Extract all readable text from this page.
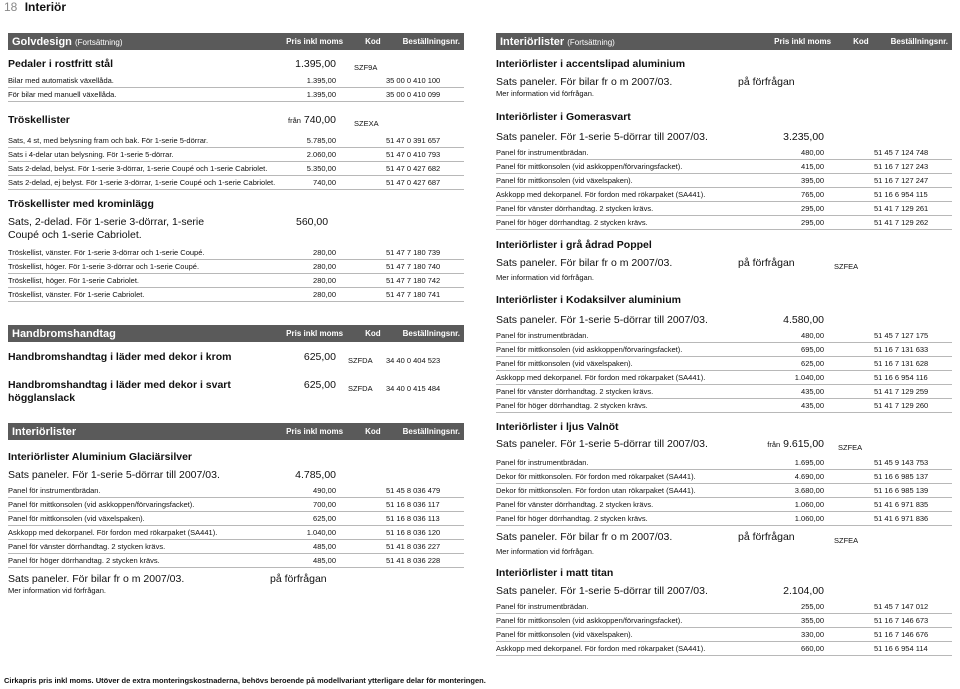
18 Interiör
Golvdesign (Fortsättning)	Pris inkl moms	Kod	Beställningsnr.
Pedaler i rostfritt stål	1.395,00	SZF9A
Bilar med automatisk växellåda.	1.395,00	35 00 0 410 100
För bilar med manuell växellåda.	1.395,00	35 00 0 410 099
Tröskellister	från 740,00	SZEXA
Sats, 4 st, med belysning fram och bak. För 1-serie 5-dörrar.	5.785,00	51 47 0 391 657
Sats i 4-delar utan belysning. För 1-serie 5-dörrar.	2.060,00	51 47 0 410 793
Sats 2-delad, belyst. För 1-serie 3-dörrar, 1-serie Coupé och 1-serie Cabriolet.	5.350,00	51 47 0 427 682
Sats 2-delad, ej belyst. För 1-serie 3-dörrar, 1-serie Coupé och 1-serie Cabriolet.	740,00	51 47 0 427 687
Tröskellister med krominlägg
Sats, 2-delad. För 1-serie 3-dörrar, 1-serie Coupé och 1-serie Cabriolet.
560,00
Tröskellist, vänster. För 1-serie 3-dörrar och 1-serie Coupé.	280,00	51 47 7 180 739
Tröskellist, höger. För 1-serie 3-dörrar och 1-serie Coupé.	280,00	51 47 7 180 740
Tröskellist, höger. För 1-serie Cabriolet.	280,00	51 47 7 180 742
Tröskellist, vänster. För 1-serie Cabriolet.	280,00	51 47 7 180 741
Handbromshandtag	Pris inkl moms	Kod	Beställningsnr.
Handbromshandtag i läder med dekor i krom	625,00	SZFDA	34 40 0 404 523
Handbromshandtag i läder med dekor i svart högglanslack
625,00	SZFDA	34 40 0 415 484
Interiörlister	Pris inkl moms	Kod	Beställningsnr.
Interiörlister Aluminium Glaciärsilver
Sats paneler. För 1-serie 5-dörrar till 2007/03.	4.785,00
Panel för instrumentbrädan.	490,00	51 45 8 036 479
Panel för mittkonsolen (vid askkoppen/förvaringsfacket).	700,00	51 16 8 036 117
Panel för mittkonsolen (vid växelspaken).	625,00	51 16 8 036 113
Askkopp med dekorpanel. För fordon med rökarpaket (SA441).	1.040,00	51 16 8 036 120
Panel för vänster dörrhandtag. 2 stycken krävs.	485,00	51 41 8 036 227
Panel för höger dörrhandtag. 2 stycken krävs.	485,00	51 41 8 036 228
Sats paneler. För bilar fr o m 2007/03.	på förfrågan
Mer information vid förfrågan.
Interiörlister (Fortsättning)	Pris inkl moms	Kod	Beställningsnr.
Interiörlister i accentslipad aluminium
Sats paneler. För bilar fr o m 2007/03.	på förfrågan
Mer information vid förfrågan.
Interiörlister i Gomerasvart
Sats paneler. För 1-serie 5-dörrar till 2007/03.	3.235,00
Panel för instrumentbrädan.	480,00	51 45 7 124 748
Panel för mittkonsolen (vid askkoppen/förvaringsfacket).	415,00	51 16 7 127 243
Panel för mittkonsolen (vid växelspaken).	395,00	51 16 7 127 247
Askkopp med dekorpanel. För fordon med rökarpaket (SA441).	765,00	51 16 6 954 115
Panel för vänster dörrhandtag. 2 stycken krävs.	295,00	51 41 7 129 261
Panel för höger dörrhandtag. 2 stycken krävs.	295,00	51 41 7 129 262
Interiörlister i grå ådrad Poppel
Sats paneler. För bilar fr o m 2007/03.	på förfrågan	SZFEA
Mer information vid förfrågan.
Interiörlister i Kodaksilver aluminium
Sats paneler. För 1-serie 5-dörrar till 2007/03.	4.580,00
Panel för instrumentbrädan.	480,00	51 45 7 127 175
Panel för mittkonsolen (vid askkoppen/förvaringsfacket).	695,00	51 16 7 131 633
Panel för mittkonsolen (vid växelspaken).	625,00	51 16 7 131 628
Askkopp med dekorpanel. För fordon med rökarpaket (SA441).	1.040,00	51 16 6 954 116
Panel för vänster dörrhandtag. 2 stycken krävs.	435,00	51 41 7 129 259
Panel för höger dörrhandtag. 2 stycken krävs.	435,00	51 41 7 129 260
Interiörlister i ljus Valnöt
Sats paneler. För 1-serie 5-dörrar till 2007/03.	från 9.615,00	SZFEA
Panel för instrumentbrädan.	1.695,00	51 45 9 143 753
Dekor för mittkonsolen. För fordon med rökarpaket (SA441).	4.690,00	51 16 6 985 137
Dekor för mittkonsolen. För fordon utan rökarpaket (SA441).	3.680,00	51 16 6 985 139
Panel för vänster dörrhandtag. 2 stycken krävs.	1.060,00	51 41 6 971 835
Panel för höger dörrhandtag. 2 stycken krävs.	1.060,00	51 41 6 971 836
Sats paneler. För bilar fr o m 2007/03.	på förfrågan	SZFEA
Mer information vid förfrågan.
Interiörlister i matt titan
Sats paneler. För 1-serie 5-dörrar till 2007/03.	2.104,00
Panel för instrumentbrädan.	255,00	51 45 7 147 012
Panel för mittkonsolen (vid askkoppen/förvaringsfacket).	355,00	51 16 7 146 673
Panel för mittkonsolen (vid växelspaken).	330,00	51 16 7 146 676
Askkopp med dekorpanel. För fordon med rökarpaket (SA441).	660,00	51 16 6 954 114
Cirkapris pris inkl moms. Utöver de extra monteringskostnaderna, behövs beroende på modellvariant ytterligare delar för monteringen.
